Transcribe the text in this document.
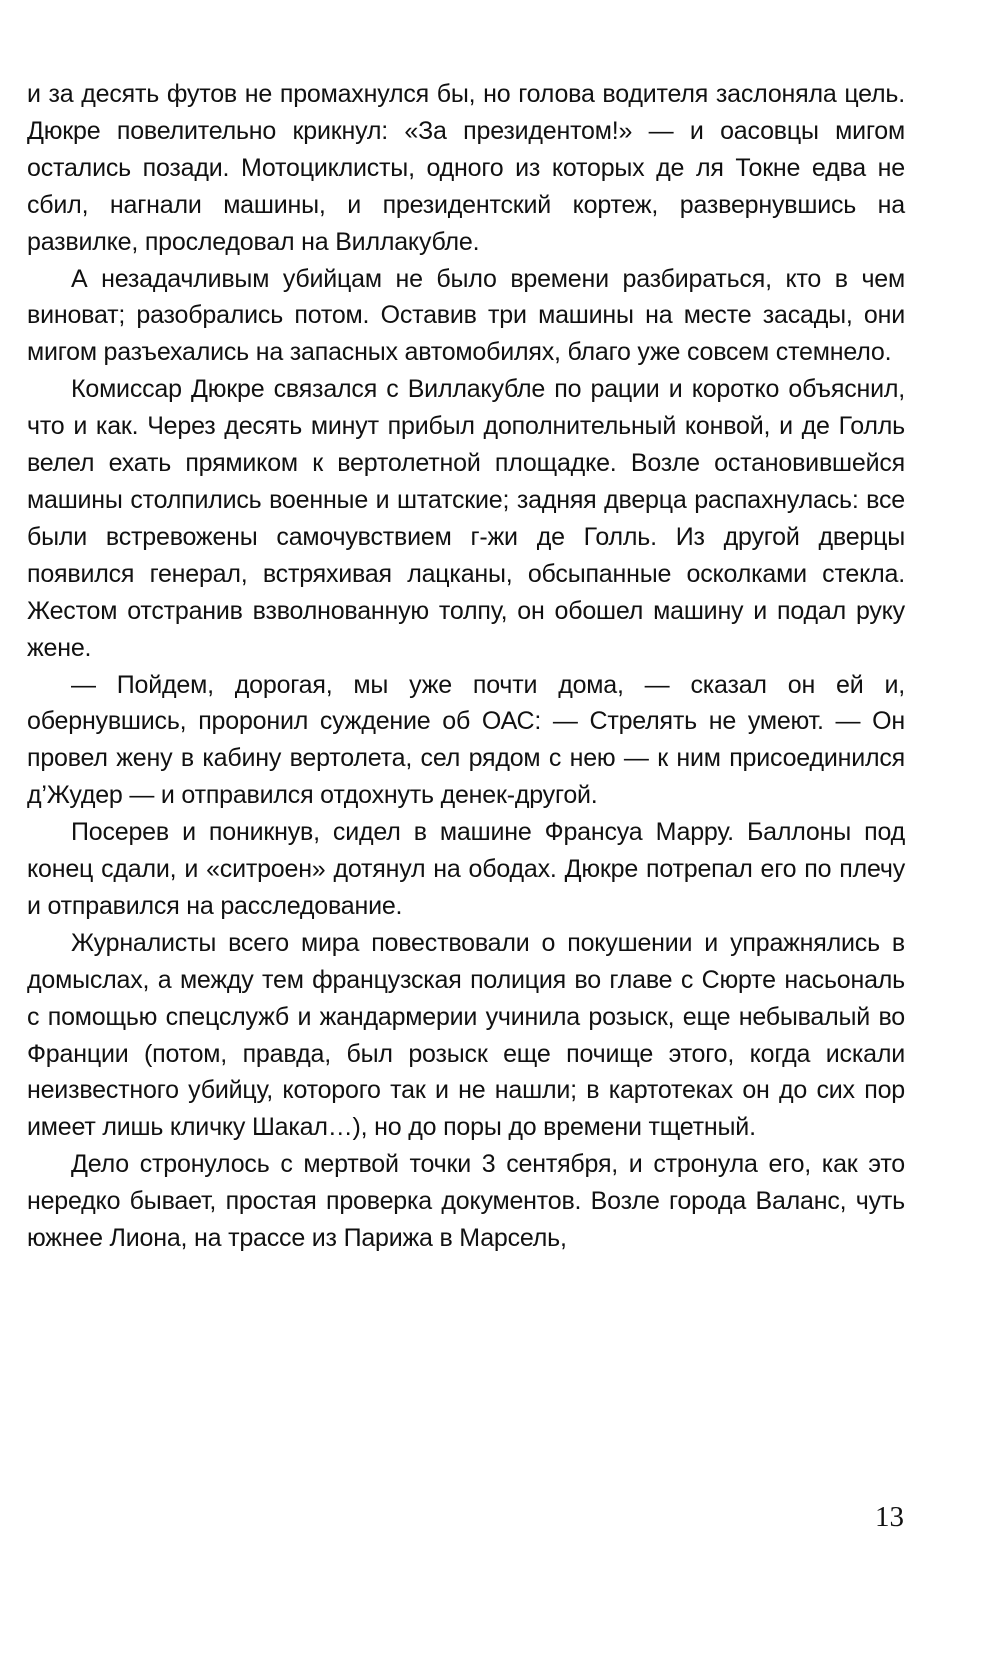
и за десять футов не промахнулся бы, но голова водителя заслоняла цель. Дюкре повелительно крикнул: «За президентом!» — и оасовцы мигом остались позади. Мотоциклисты, одного из которых де ля Токне едва не сбил, нагнали машины, и президентский кортеж, развернувшись на развилке, проследовал на Виллакубле.

А незадачливым убийцам не было времени разбираться, кто в чем виноват; разобрались потом. Оставив три машины на месте засады, они мигом разъехались на запасных автомобилях, благо уже совсем стемнело.

Комиссар Дюкре связался с Виллакубле по рации и коротко объяснил, что и как. Через десять минут прибыл дополнительный конвой, и де Голль велел ехать прямиком к вертолетной площадке. Возле остановившейся машины столпились военные и штатские; задняя дверца распахнулась: все были встревожены самочувствием г-жи де Голль. Из другой дверцы появился генерал, встряхивая лацканы, обсыпанные осколками стекла. Жестом отстранив взволнованную толпу, он обошел машину и подал руку жене.

— Пойдем, дорогая, мы уже почти дома, — сказал он ей и, обернувшись, проронил суждение об ОАС: — Стрелять не умеют. — Он провел жену в кабину вертолета, сел рядом с нею — к ним присоединился д’Жудер — и отправился отдохнуть денек-другой.

Посерев и поникнув, сидел в машине Франсуа Марру. Баллоны под конец сдали, и «ситроен» дотянул на ободах. Дюкре потрепал его по плечу и отправился на расследование.

Журналисты всего мира повествовали о покушении и упражнялись в домыслах, а между тем французская полиция во главе с Сюрте насьональ с помощью спецслужб и жандармерии учинила розыск, еще небывалый во Франции (потом, правда, был розыск еще почище этого, когда искали неизвестного убийцу, которого так и не нашли; в картотеках он до сих пор имеет лишь кличку Шакал…), но до поры до времени тщетный.

Дело стронулось с мертвой точки 3 сентября, и стронула его, как это нередко бывает, простая проверка документов. Возле города Валанс, чуть южнее Лиона, на трассе из Парижа в Марсель,

13
